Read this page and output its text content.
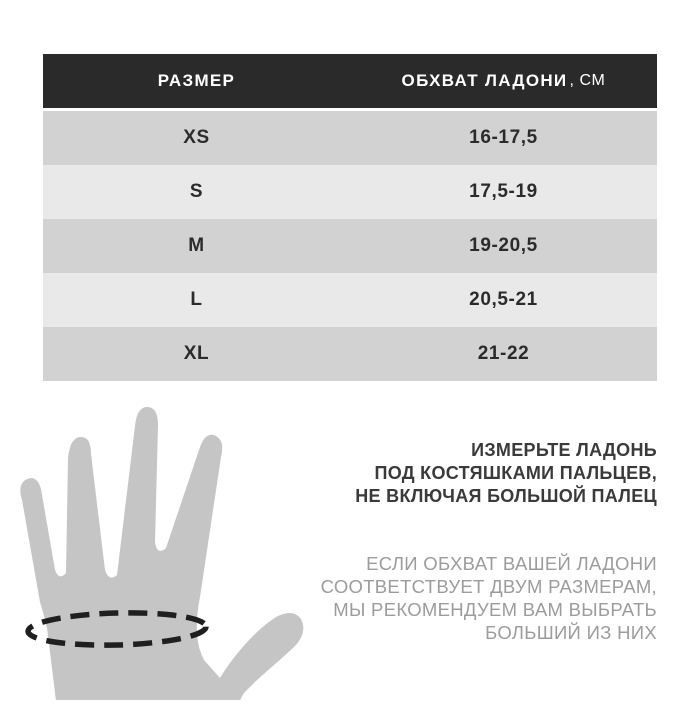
РАЗМЕР	ОБХВАТ ЛАДОНИ , СМ
XS	16-17,5
S	17,5-19
M	19-20,5
L	20,5-21
XL	21-22
ИЗМЕРЬТЕ ЛАДОНЬ
ПОД КОСТЯШКАМИ ПАЛЬЦЕВ,
НЕ ВКЛЮЧАЯ БОЛЬШОЙ ПАЛЕЦ
ЕСЛИ ОБХВАТ ВАШЕЙ ЛАДОНИ
СООТВЕТСТВУЕТ ДВУМ РАЗМЕРАМ,
МЫ РЕКОМЕНДУЕМ ВАМ ВЫБРАТЬ
БОЛЬШИЙ ИЗ НИХ
